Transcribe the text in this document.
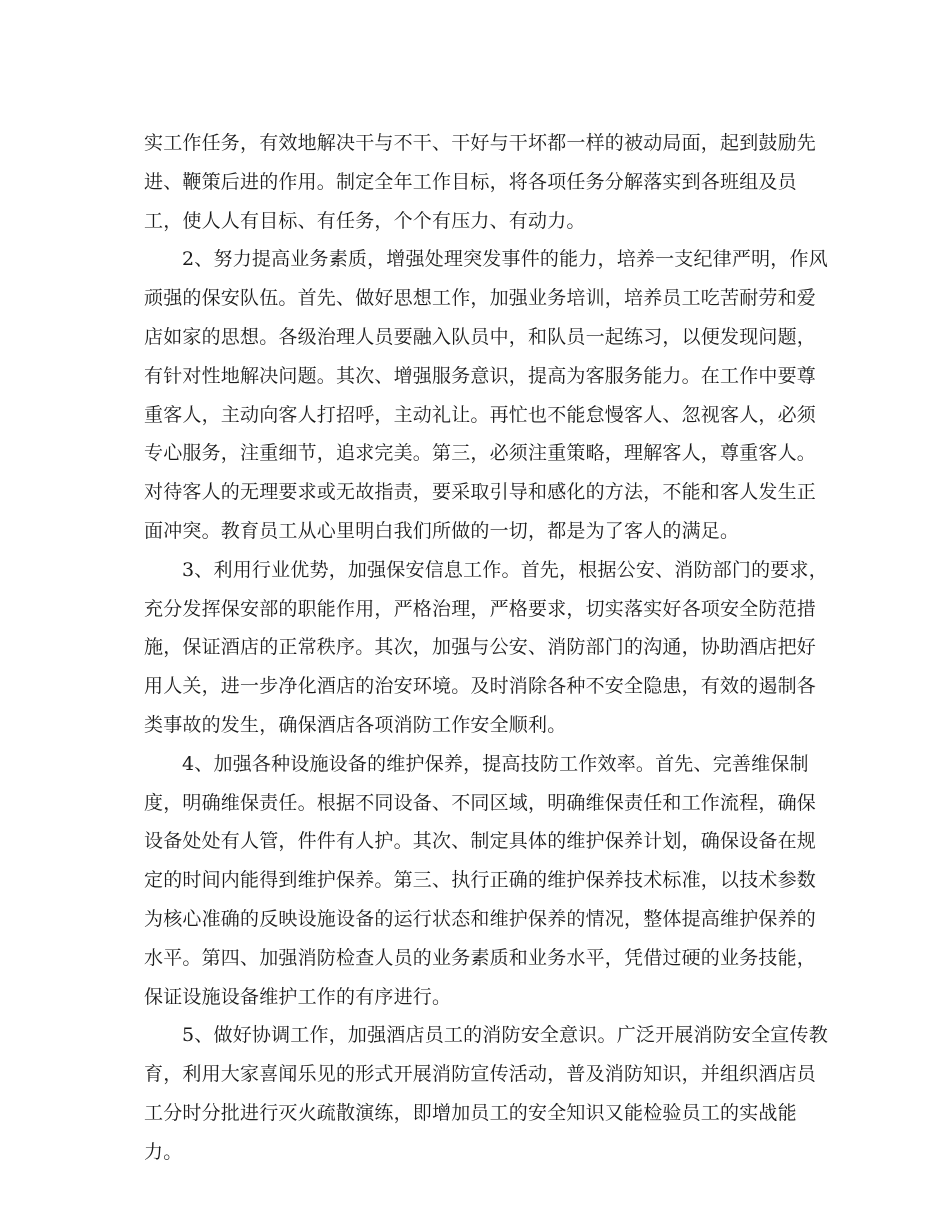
实工作任务，有效地解决干与不干、干好与干坏都一样的被动局面，起到鼓励先
进、鞭策后进的作用。制定全年工作目标，将各项任务分解落实到各班组及员
工，使人人有目标、有任务，个个有压力、有动力。
2、努力提高业务素质，增强处理突发事件的能力，培养一支纪律严明，作风
顽强的保安队伍。首先、做好思想工作，加强业务培训，培养员工吃苦耐劳和爱
店如家的思想。各级治理人员要融入队员中，和队员一起练习，以便发现问题，
有针对性地解决问题。其次、增强服务意识，提高为客服务能力。在工作中要尊
重客人，主动向客人打招呼，主动礼让。再忙也不能怠慢客人、忽视客人，必须
专心服务，注重细节，追求完美。第三，必须注重策略，理解客人，尊重客人。
对待客人的无理要求或无故指责，要采取引导和感化的方法，不能和客人发生正
面冲突。教育员工从心里明白我们所做的一切，都是为了客人的满足。
3、利用行业优势，加强保安信息工作。首先，根据公安、消防部门的要求，
充分发挥保安部的职能作用，严格治理，严格要求，切实落实好各项安全防范措
施，保证酒店的正常秩序。其次，加强与公安、消防部门的沟通，协助酒店把好
用人关，进一步净化酒店的治安环境。及时消除各种不安全隐患，有效的遏制各
类事故的发生，确保酒店各项消防工作安全顺利。
4、加强各种设施设备的维护保养，提高技防工作效率。首先、完善维保制
度，明确维保责任。根据不同设备、不同区域，明确维保责任和工作流程，确保
设备处处有人管，件件有人护。其次、制定具体的维护保养计划，确保设备在规
定的时间内能得到维护保养。第三、执行正确的维护保养技术标准，以技术参数
为核心准确的反映设施设备的运行状态和维护保养的情况，整体提高维护保养的
水平。第四、加强消防检查人员的业务素质和业务水平，凭借过硬的业务技能，
保证设施设备维护工作的有序进行。
5、做好协调工作，加强酒店员工的消防安全意识。广泛开展消防安全宣传教
育，利用大家喜闻乐见的形式开展消防宣传活动，普及消防知识，并组织酒店员
工分时分批进行灭火疏散演练，即增加员工的安全知识又能检验员工的实战能
力。
